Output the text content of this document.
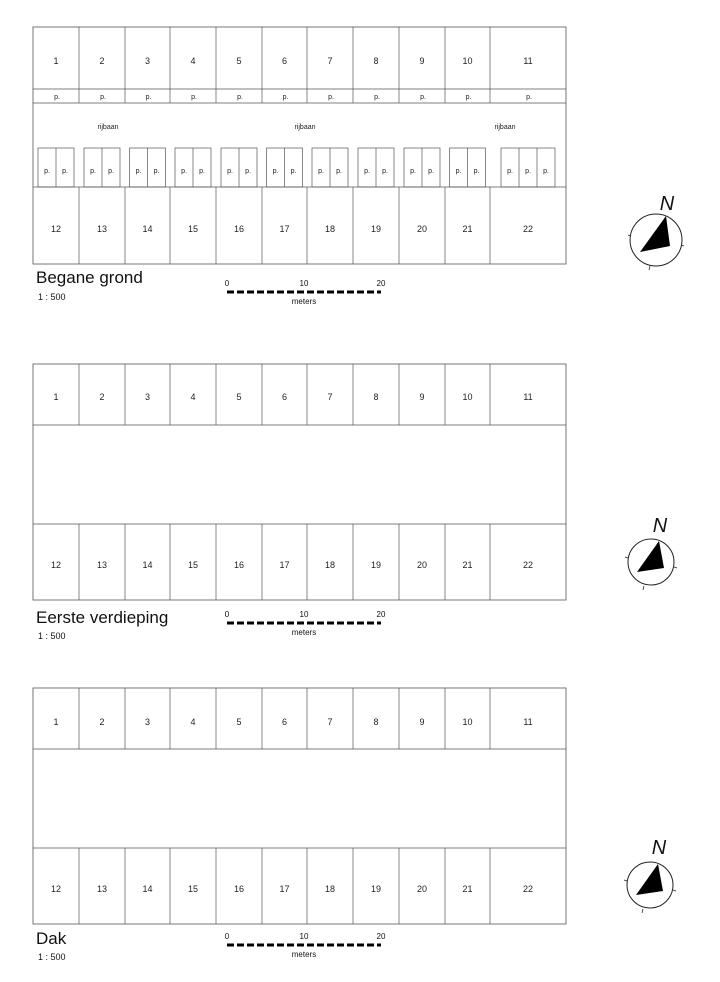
1	2	3	4	5	6	7	8	9	10	11
12	13	14	15	16	17	18	19	20	21	22
p.	p.	p.	p.	p.	p.	p.	p.	p.	p.	p.
p. p.	p. p.	p. p.	p. p.	p. p.	p. p.	p. p.	p. p.	p. p.	p. p.	p. p. p.
rijbaan	rijbaan	rijbaan
Begane grond
1 : 500
0	10	20
meters
N
1	2	3	4	5	6	7	8	9	10	11
12	13	14	15	16	17	18	19	20	21	22
Eerste verdieping
1 : 500
0	10	20
meters
N
1	2	3	4	5	6	7	8	9	10	11
12	13	14	15	16	17	18	19	20	21	22
Dak
1 : 500
0	10	20
meters
N
